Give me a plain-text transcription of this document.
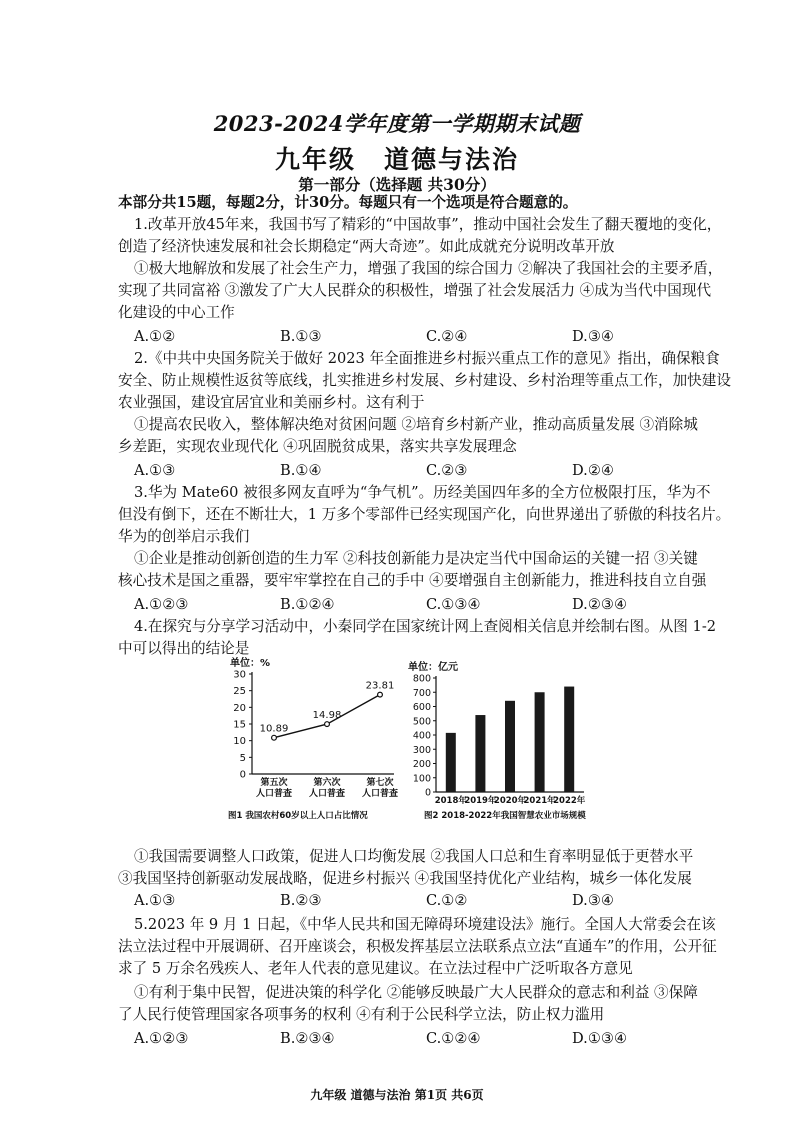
2023-2024学年度第一学期期末试题
九年级 道德与法治
第一部分（选择题 共30分）
本部分共15题，每题2分，计30分。每题只有一个选项是符合题意的。
1.改革开放45年来，我国书写了精彩的“中国故事”，推动中国社会发生了翻天覆地的变化，
创造了经济快速发展和社会长期稳定“两大奇迹”。如此成就充分说明改革开放
①极大地解放和发展了社会生产力，增强了我国的综合国力 ②解决了我国社会的主要矛盾，
实现了共同富裕 ③激发了广大人民群众的积极性，增强了社会发展活力 ④成为当代中国现代
化建设的中心工作
A.①②	B.①③	C.②④	D.③④
2.《中共中央国务院关于做好 2023 年全面推进乡村振兴重点工作的意见》指出，确保粮食
安全、防止规模性返贫等底线，扎实推进乡村发展、乡村建设、乡村治理等重点工作，加快建设
农业强国，建设宜居宜业和美丽乡村。这有利于
①提高农民收入，整体解决绝对贫困问题 ②培育乡村新产业，推动高质量发展 ③消除城
乡差距，实现农业现代化 ④巩固脱贫成果，落实共享发展理念
A.①③	B.①④	C.②③	D.②④
3.华为 Mate60 被很多网友直呼为“争气机”。历经美国四年多的全方位极限打压，华为不
但没有倒下，还在不断壮大，1 万多个零部件已经实现国产化，向世界递出了骄傲的科技名片。
华为的创举启示我们
①企业是推动创新创造的生力军 ②科技创新能力是决定当代中国命运的关键一招 ③关键
核心技术是国之重器，要牢牢掌控在自己的手中 ④要增强自主创新能力，推进科技自立自强
A.①②③	B.①②④	C.①③④	D.②③④
4.在探究与分享学习活动中，小秦同学在国家统计网上查阅相关信息并绘制右图。从图 1-2
中可以得出的结论是
单位：%
0
5
10
15
20
25
30
第五次
人口普查
第六次
人口普查
第七次
人口普查
10.89
14.98
23.81
图1 我国农村60岁以上人口占比情况
单位：亿元
0
100
200
300
400
500
600
700
800
2018年
2019年
2020年
2021年
2022年
图2 2018-2022年我国智慧农业市场规模
①我国需要调整人口政策，促进人口均衡发展 ②我国人口总和生育率明显低于更替水平
③我国坚持创新驱动发展战略，促进乡村振兴 ④我国坚持优化产业结构，城乡一体化发展
A.①③	B.②③	C.①②	D.③④
5.2023 年 9 月 1 日起，《中华人民共和国无障碍环境建设法》施行。全国人大常委会在该
法立法过程中开展调研、召开座谈会，积极发挥基层立法联系点立法“直通车”的作用，公开征
求了 5 万余名残疾人、老年人代表的意见建议。在立法过程中广泛听取各方意见
①有利于集中民智，促进决策的科学化 ②能够反映最广大人民群众的意志和利益 ③保障
了人民行使管理国家各项事务的权利 ④有利于公民科学立法，防止权力滥用
A.①②③	B.②③④	C.①②④	D.①③④
九年级 道德与法治 第1页 共6页
